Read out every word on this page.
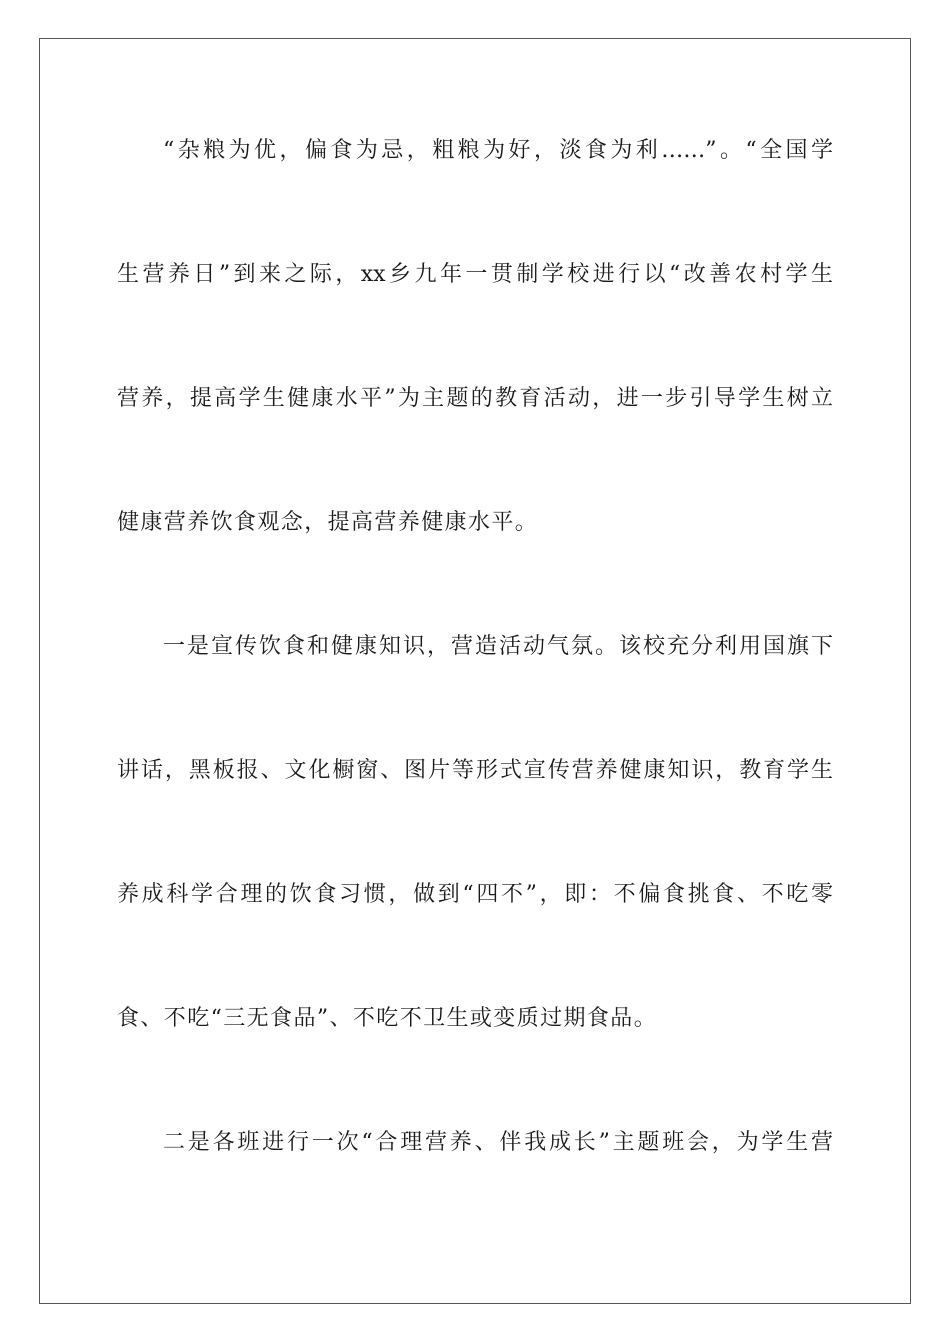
“杂粮为优，偏食为忌，粗粮为好，淡食为利……”。“全国学
生营养日”到来之际，xx乡九年一贯制学校进行以“改善农村学生
营养，提高学生健康水平”为主题的教育活动，进一步引导学生树立
健康营养饮食观念，提高营养健康水平。
一是宣传饮食和健康知识，营造活动气氛。该校充分利用国旗下
讲话，黑板报、文化橱窗、图片等形式宣传营养健康知识，教育学生
养成科学合理的饮食习惯，做到“四不”，即：不偏食挑食、不吃零
食、不吃“三无食品”、不吃不卫生或变质过期食品。
二是各班进行一次“合理营养、伴我成长”主题班会，为学生营
